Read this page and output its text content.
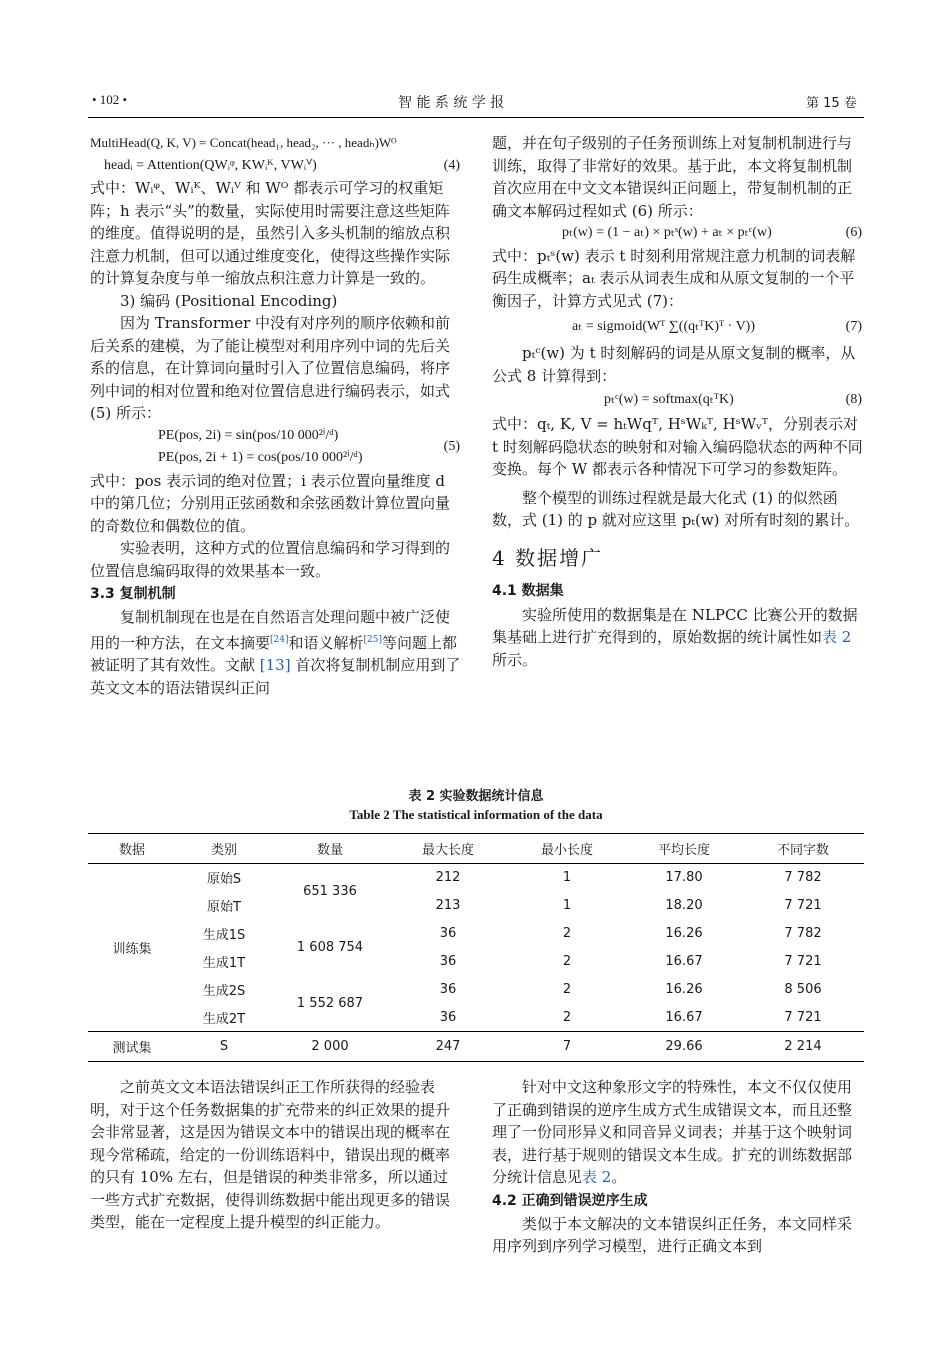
• 102 •	智 能 系 统 学 报	第 15 卷
MultiHead(Q, K, V) = Concat(head₁, head₂, ··· , headₕ)Wᴼ
headᵢ = Attention(QWᵢᵠ, KWᵢᴷ, VWᵢⱽ)	(4)

式中：Wᵢᵠ、Wᵢᴷ、Wᵢⱽ 和 Wᴼ 都表示可学习的权重矩阵；h 表示“头”的数量，实际使用时需要注意这些矩阵的维度。值得说明的是，虽然引入多头机制的缩放点积注意力机制，但可以通过维度变化，使得这些操作实际的计算复杂度与单一缩放点积注意力计算是一致的。

3) 编码 (Positional Encoding)

因为 Transformer 中没有对序列的顺序依赖和前后关系的建模，为了能让模型对利用序列中词的先后关系的信息，在计算词向量时引入了位置信息编码，将序列中词的相对位置和绝对位置信息进行编码表示，如式 (5) 所示：

PE(pos, 2i) = sin(pos/10 000²ⁱ/ᵈ)
PE(pos, 2i + 1) = cos(pos/10 000²ⁱ/ᵈ)
(5)

式中：pos 表示词的绝对位置；i 表示位置向量维度 d 中的第几位；分别用正弦函数和余弦函数计算位置向量的奇数位和偶数位的值。

实验表明，这种方式的位置信息编码和学习得到的位置信息编码取得的效果基本一致。

3.3 复制机制

复制机制现在也是在自然语言处理问题中被广泛使用的一种方法，在文本摘要[24]和语义解析[25]等问题上都被证明了其有效性。文献 [13] 首次将复制机制应用到了英文文本的语法错误纠正问

题，并在句子级别的子任务预训练上对复制机制进行与训练，取得了非常好的效果。基于此，本文将复制机制首次应用在中文文本错误纠正问题上，带复制机制的正确文本解码过程如式 (6) 所示：

pₜ(w) = (1 − aₜ) × pₜˢ(w) + aₜ × pₜᶜ(w)	(6)

式中：pₜˢ(w) 表示 t 时刻利用常规注意力机制的词表解码生成概率；aₜ 表示从词表生成和从原文复制的一个平衡因子，计算方式见式 (7)：

aₜ = sigmoid(Wᵀ ∑((qₜᵀK)ᵀ · V))	(7)

pₜᶜ(w) 为 t 时刻解码的词是从原文复制的概率，从公式 8 计算得到：

pₜᶜ(w) = softmax(qₜᵀK)	(8)

式中：qₜ, K, V = hₜWqᵀ, HˢWₖᵀ, HˢWᵥᵀ，分别表示对 t 时刻解码隐状态的映射和对输入编码隐状态的两种不同变换。每个 W 都表示各种情况下可学习的参数矩阵。

整个模型的训练过程就是最大化式 (1) 的似然函数，式 (1) 的 p 就对应这里 pₜ(w) 对所有时刻的累计。

4 数据增广

4.1 数据集

实验所使用的数据集是在 NLPCC 比赛公开的数据集基础上进行扩充得到的，原始数据的统计属性如表 2 所示。

表 2 实验数据统计信息
Table 2 The statistical information of the data
数据	类别	数量	最大长度	最小长度	平均长度	不同字数
训练集	原始S	651 336	212	1	17.80	7 782
	原始T		213	1	18.20	7 721
	生成1S	1 608 754	36	2	16.26	7 782
	生成1T		36	2	16.67	7 721
	生成2S	1 552 687	36	2	16.26	8 506
	生成2T		36	2	16.67	7 721
测试集	S	2 000	247	7	29.66	2 214

之前英文文本语法错误纠正工作所获得的经验表明，对于这个任务数据集的扩充带来的纠正效果的提升会非常显著，这是因为错误文本中的错误出现的概率在现今常稀疏，给定的一份训练语料中，错误出现的概率的只有 10% 左右，但是错误的种类非常多，所以通过一些方式扩充数据，使得训练数据中能出现更多的错误类型，能在一定程度上提升模型的纠正能力。

针对中文这种象形文字的特殊性，本文不仅仅使用了正确到错误的逆序生成方式生成错误文本，而且还整理了一份同形异义和同音异义词表；并基于这个映射词表，进行基于规则的错误文本生成。扩充的训练数据部分统计信息见表 2。

4.2 正确到错误逆序生成

类似于本文解决的文本错误纠正任务，本文同样采用序列到序列学习模型，进行正确文本到
